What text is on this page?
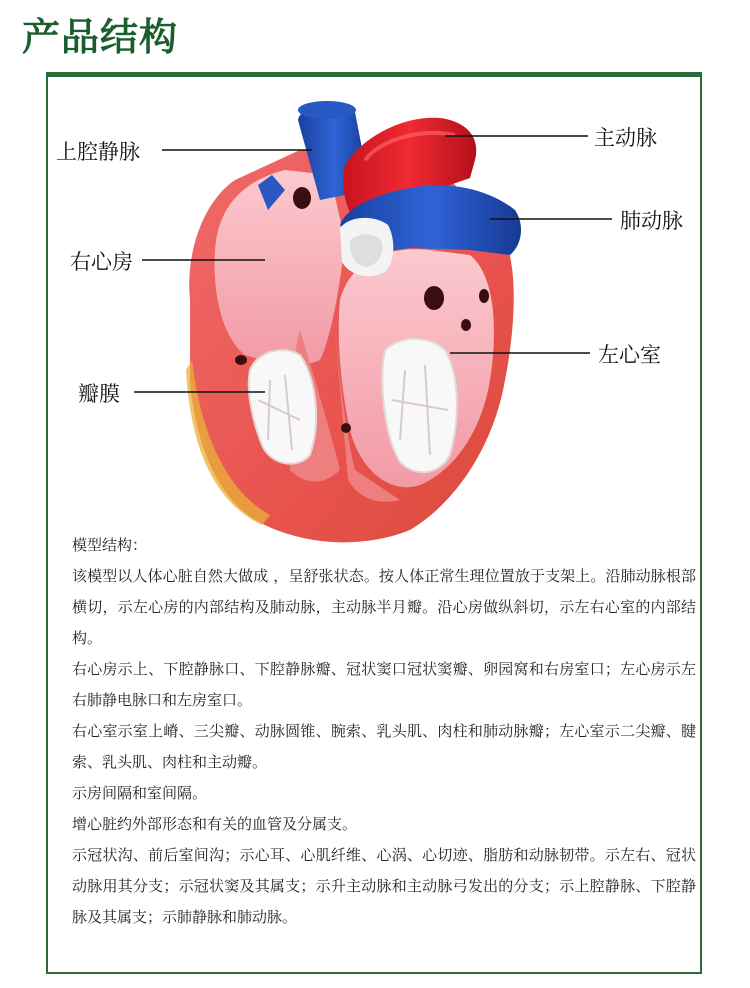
产品结构
上腔静脉
右心房
瓣膜
主动脉
肺动脉
左心室

模型结构：

该模型以人体心脏自然大做成 ，呈舒张状态。按人体正常生理位置放于支架上。沿肺动脉根部横切，示左心房的内部结构及肺动脉，主动脉半月瓣。沿心房做纵斜切，示左右心室的内部结构。

右心房示上、下腔静脉口、下腔静脉瓣、冠状窦口冠状窦瓣、卵园窝和右房室口；左心房示左右肺静电脉口和左房室口。

右心室示室上嵴、三尖瓣、动脉圆锥、腕索、乳头肌、肉柱和肺动脉瓣；左心室示二尖瓣、腱索、乳头肌、肉柱和主动瓣。

示房间隔和室间隔。

增心脏约外部形态和有关的血管及分属支。

示冠状沟、前后室间沟；示心耳、心肌纤维、心涡、心切迹、脂肪和动脉韧带。示左右、冠状动脉用其分支；示冠状窦及其属支；示升主动脉和主动脉弓发出的分支；示上腔静脉、下腔静脉及其属支；示肺静脉和肺动脉。
